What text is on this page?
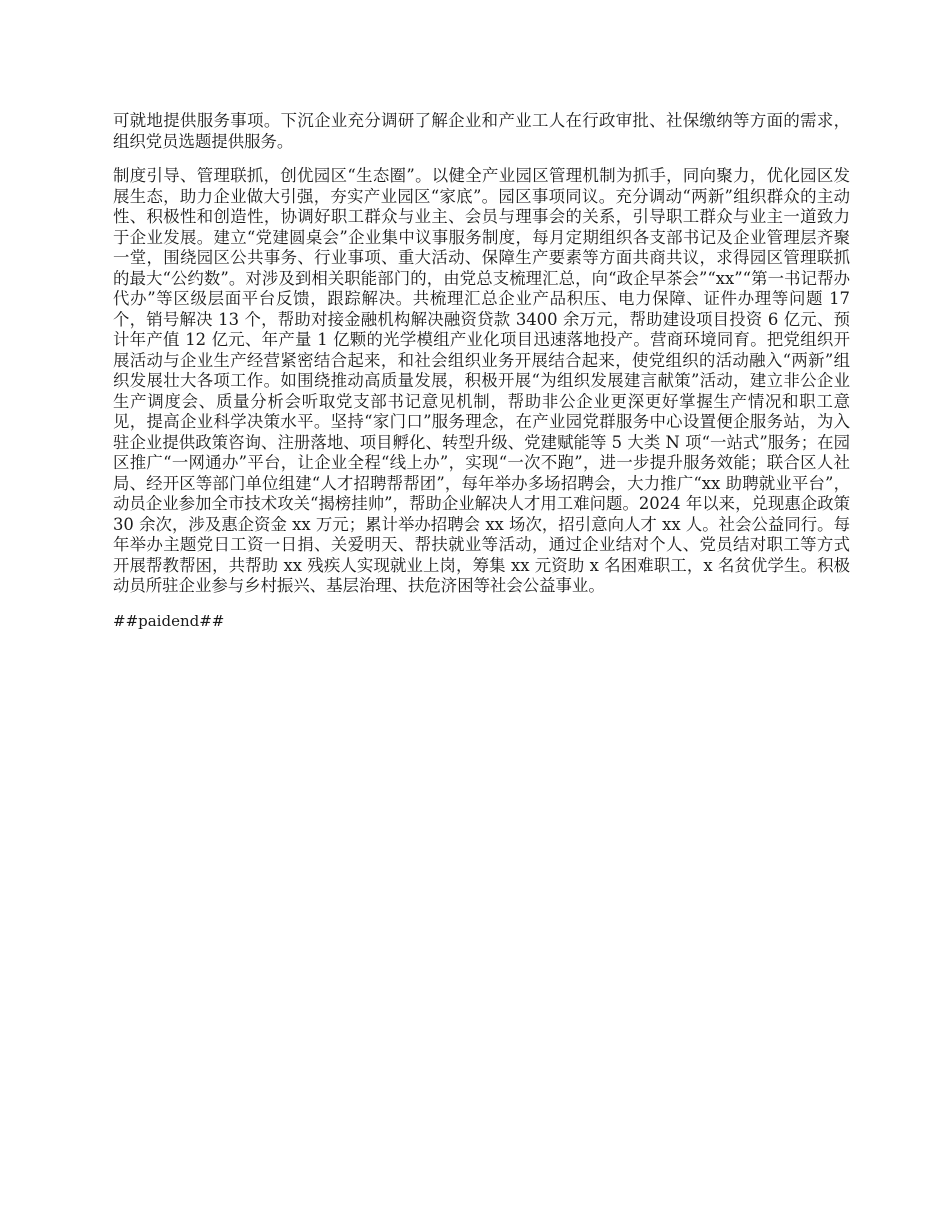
可就地提供服务事项。下沉企业充分调研了解企业和产业工人在行政审批、社保缴纳等方面的需求，组织党员选题提供服务。

制度引导、管理联抓，创优园区“生态圈”。以健全产业园区管理机制为抓手，同向聚力，优化园区发展生态，助力企业做大引强，夯实产业园区“家底”。园区事项同议。充分调动“两新”组织群众的主动性、积极性和创造性，协调好职工群众与业主、会员与理事会的关系，引导职工群众与业主一道致力于企业发展。建立“党建圆桌会”企业集中议事服务制度，每月定期组织各支部书记及企业管理层齐聚一堂，围绕园区公共事务、行业事项、重大活动、保障生产要素等方面共商共议，求得园区管理联抓的最大“公约数”。对涉及到相关职能部门的，由党总支梳理汇总，向“政企早茶会”“xx”“第一书记帮办代办”等区级层面平台反馈，跟踪解决。共梳理汇总企业产品积压、电力保障、证件办理等问题 17 个，销号解决 13 个，帮助对接金融机构解决融资贷款 3400 余万元，帮助建设项目投资 6 亿元、预计年产值 12 亿元、年产量 1 亿颗的光学模组产业化项目迅速落地投产。营商环境同育。把党组织开展活动与企业生产经营紧密结合起来，和社会组织业务开展结合起来，使党组织的活动融入“两新”组织发展壮大各项工作。如围绕推动高质量发展，积极开展“为组织发展建言献策”活动，建立非公企业生产调度会、质量分析会听取党支部书记意见机制，帮助非公企业更深更好掌握生产情况和职工意见，提高企业科学决策水平。坚持“家门口”服务理念，在产业园党群服务中心设置便企服务站，为入驻企业提供政策咨询、注册落地、项目孵化、转型升级、党建赋能等 5 大类 N 项“一站式”服务；在园区推广“一网通办”平台，让企业全程“线上办”，实现“一次不跑”，进一步提升服务效能；联合区人社局、经开区等部门单位组建“人才招聘帮帮团”，每年举办多场招聘会，大力推广“xx 助聘就业平台”，动员企业参加全市技术攻关“揭榜挂帅”，帮助企业解决人才用工难问题。2024 年以来，兑现惠企政策 30 余次，涉及惠企资金 xx 万元；累计举办招聘会 xx 场次，招引意向人才 xx 人。社会公益同行。每年举办主题党日工资一日捐、关爱明天、帮扶就业等活动，通过企业结对个人、党员结对职工等方式开展帮教帮困，共帮助 xx 残疾人实现就业上岗，筹集 xx 元资助 x 名困难职工，x 名贫优学生。积极动员所驻企业参与乡村振兴、基层治理、扶危济困等社会公益事业。

##paidend##
